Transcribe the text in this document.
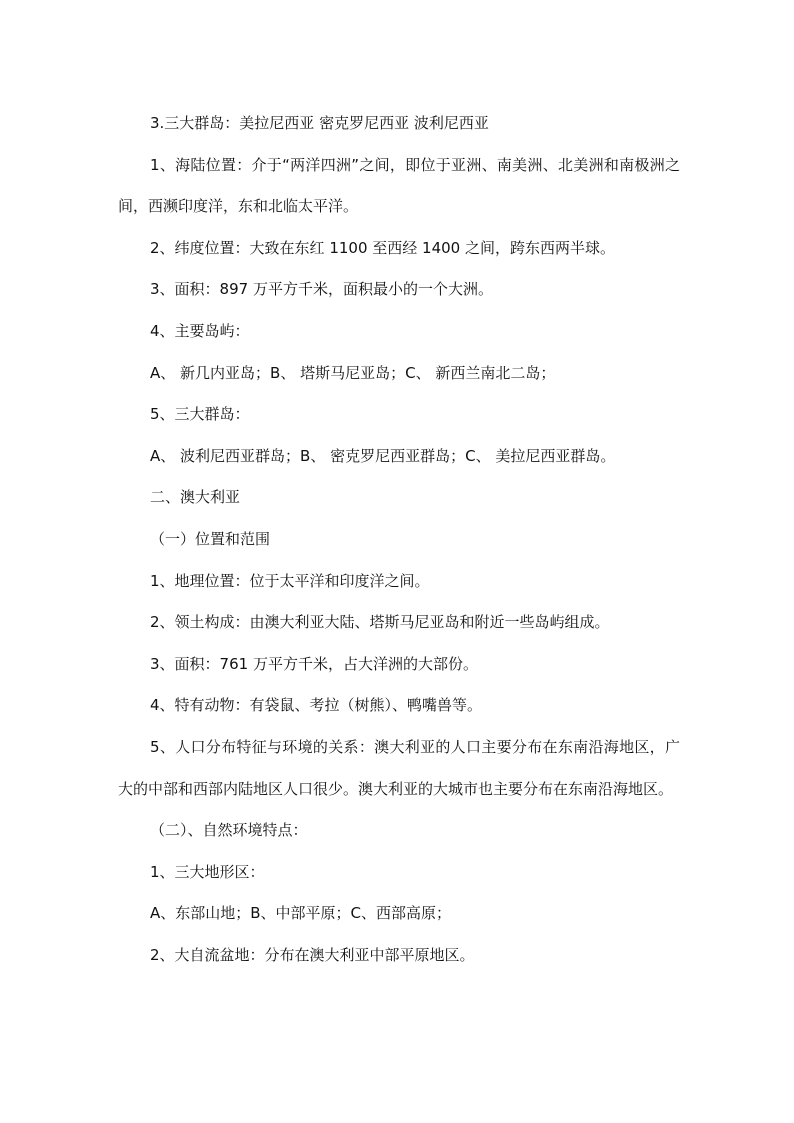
3.三大群岛：美拉尼西亚 密克罗尼西亚 波利尼西亚

1、海陆位置：介于“两洋四洲”之间，即位于亚洲、南美洲、北美洲和南极洲之间，西濒印度洋，东和北临太平洋。

2、纬度位置：大致在东红 1100 至西经 1400 之间，跨东西两半球。

3、面积：897 万平方千米，面积最小的一个大洲。

4、主要岛屿：

A、 新几内亚岛；B、 塔斯马尼亚岛；C、 新西兰南北二岛；

5、三大群岛：

A、 波利尼西亚群岛；B、 密克罗尼西亚群岛；C、 美拉尼西亚群岛。

二、澳大利亚

（一）位置和范围

1、地理位置：位于太平洋和印度洋之间。

2、领土构成：由澳大利亚大陆、塔斯马尼亚岛和附近一些岛屿组成。

3、面积：761 万平方千米，占大洋洲的大部份。

4、特有动物：有袋鼠、考拉（树熊）、鸭嘴兽等。

5、人口分布特征与环境的关系：澳大利亚的人口主要分布在东南沿海地区，广大的中部和西部内陆地区人口很少。澳大利亚的大城市也主要分布在东南沿海地区。

（二）、自然环境特点：

1、三大地形区：

A、东部山地；B、中部平原；C、西部高原；

2、大自流盆地：分布在澳大利亚中部平原地区。
